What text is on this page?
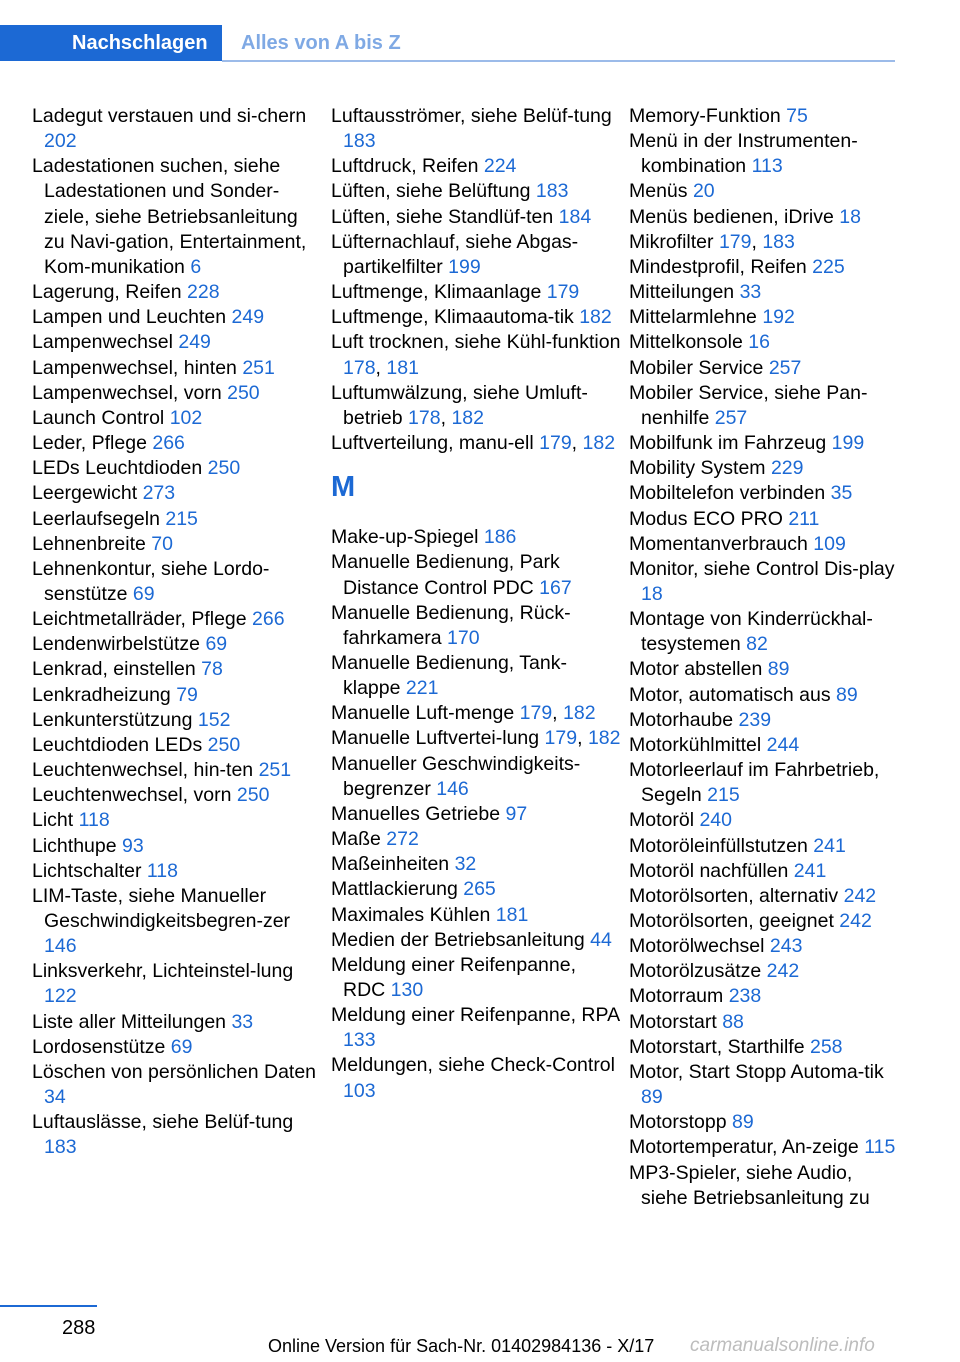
Nachschlagen	Alles von A bis Z

Ladegut verstauen und si-chern 202

Ladestationen suchen, siehe Ladestationen und Sonder-ziele, siehe Betriebsanleitung zu Navi-gation, Entertainment, Kom-munikation 6

Lagerung, Reifen 228

Lampen und Leuchten 249

Lampenwechsel 249

Lampenwechsel, hinten 251

Lampenwechsel, vorn 250

Launch Control 102

Leder, Pflege 266

LEDs Leuchtdioden 250

Leergewicht 273

Leerlaufsegeln 215

Lehnenbreite 70

Lehnenkontur, siehe Lordo-senstütze 69

Leichtmetallräder, Pflege 266

Lendenwirbelstütze 69

Lenkrad, einstellen 78

Lenkradheizung 79

Lenkunterstützung 152

Leuchtdioden LEDs 250

Leuchtenwechsel, hin-ten 251

Leuchtenwechsel, vorn 250

Licht 118

Lichthupe 93

Lichtschalter 118

LIM-Taste, siehe Manueller Geschwindigkeitsbegren-zer 146

Linksverkehr, Lichteinstel-lung 122

Liste aller Mitteilungen 33

Lordosenstütze 69

Löschen von persönlichen Daten 34

Luftauslässe, siehe Belüf-tung 183

Luftausströmer, siehe Belüf-tung 183

Luftdruck, Reifen 224

Lüften, siehe Belüftung 183

Lüften, siehe Standlüf-ten 184

Lüfternachlauf, siehe Abgas-partikelfilter 199

Luftmenge, Klimaanlage 179

Luftmenge, Klimaautoma-tik 182

Luft trocknen, siehe Kühl-funktion 178, 181

Luftumwälzung, siehe Umluft-betrieb 178, 182

Luftverteilung, manu-ell 179, 182

M

Make-up-Spiegel 186

Manuelle Bedienung, Park Distance Control PDC 167

Manuelle Bedienung, Rück-fahrkamera 170

Manuelle Bedienung, Tank-klappe 221

Manuelle Luft-menge 179, 182

Manuelle Luftvertei-lung 179, 182

Manueller Geschwindigkeits-begrenzer 146

Manuelles Getriebe 97

Maße 272

Maßeinheiten 32

Mattlackierung 265

Maximales Kühlen 181

Medien der Betriebsanleitung 44

Meldung einer Reifenpanne, RDC 130

Meldung einer Reifenpanne, RPA 133

Meldungen, siehe Check-Control 103

Memory-Funktion 75

Menü in der Instrumenten-kombination 113

Menüs 20

Menüs bedienen, iDrive 18

Mikrofilter 179, 183

Mindestprofil, Reifen 225

Mitteilungen 33

Mittelarmlehne 192

Mittelkonsole 16

Mobiler Service 257

Mobiler Service, siehe Pan-nenhilfe 257

Mobilfunk im Fahrzeug 199

Mobility System 229

Mobiltelefon verbinden 35

Modus ECO PRO 211

Momentanverbrauch 109

Monitor, siehe Control Dis-play 18

Montage von Kinderrückhal-tesystemen 82

Motor abstellen 89

Motor, automatisch aus 89

Motorhaube 239

Motorkühlmittel 244

Motorleerlauf im Fahrbetrieb, Segeln 215

Motoröl 240

Motoröleinfüllstutzen 241

Motoröl nachfüllen 241

Motorölsorten, alternativ 242

Motorölsorten, geeignet 242

Motorölwechsel 243

Motorölzusätze 242

Motorraum 238

Motorstart 88

Motorstart, Starthilfe 258

Motor, Start Stopp Automa-tik 89

Motorstopp 89

Motortemperatur, An-zeige 115

MP3-Spieler, siehe Audio, siehe Betriebsanleitung zu

288
Online Version für Sach-Nr. 01402984136 - X/17 carmanualsonline.info
